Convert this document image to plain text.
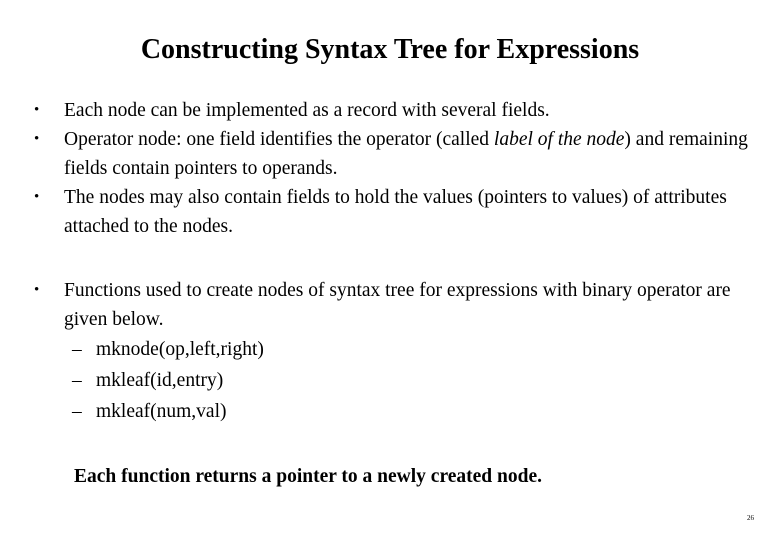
Constructing Syntax Tree for Expressions
•	Each node can be implemented as a record with several fields.
•	Operator node: one field identifies the operator (called label of the node) and remaining fields contain pointers to operands.
•	The nodes may also contain fields to hold the values (pointers to values) of attributes attached to the nodes.
•	Functions used to create nodes of syntax tree for expressions with binary operator are given below.
– mknode(op,left,right)
– mkleaf(id,entry)
– mkleaf(num,val)
Each function returns a pointer to a newly created node.
26
